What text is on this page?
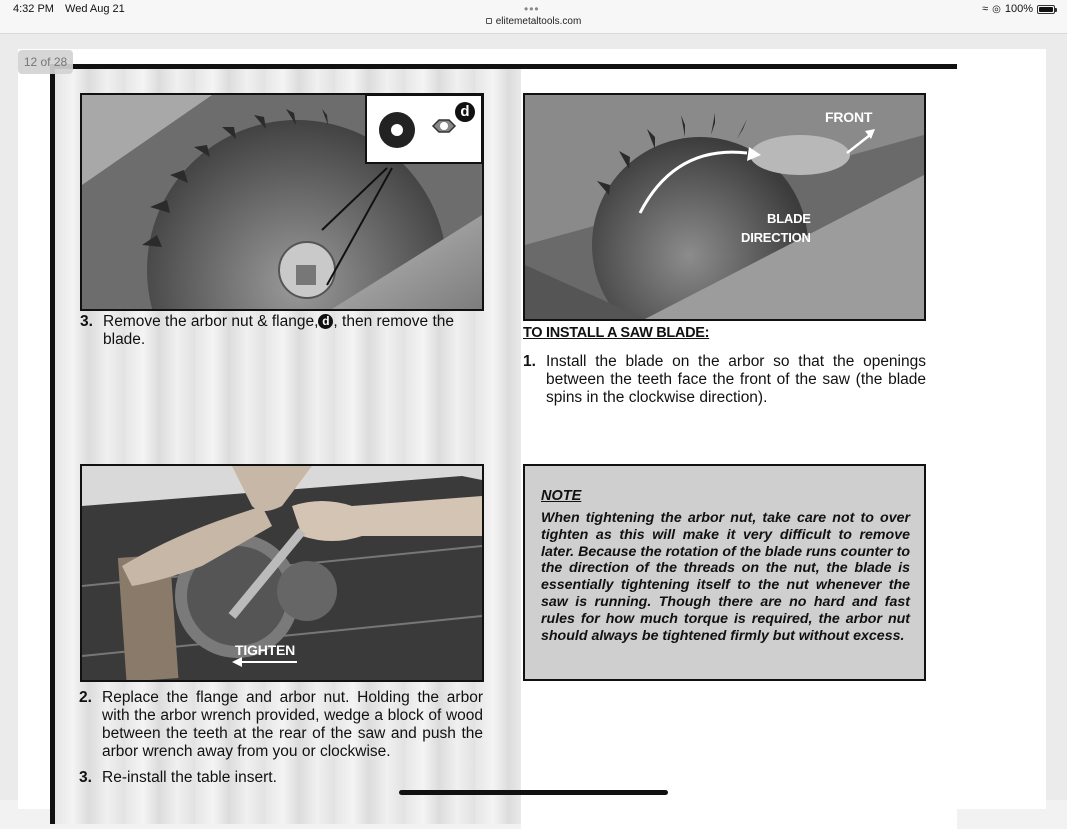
4:32 PM Wed Aug 21	•••
elitemetaltools.com
≈ ◎ 100%
12 of 28
d	FRONT
BLADE
DIRECTION
3. Remove the arbor nut & flange, d , then remove the blade.	TO INSTALL A SAW BLADE:
1. Install the blade on the arbor so that the openings between the teeth face the front of the saw (the blade spins in the clockwise direction).
TIGHTEN
NOTE
When tightening the arbor nut, take care not to over tighten as this will make it very difficult to remove later. Because the rotation of the blade runs counter to the direction of the threads on the nut, the blade is essentially tightening itself to the nut whenever the saw is running. Though there are no hard and fast rules for how much torque is required, the arbor nut should always be tightened firmly but without excess.
2. Replace the flange and arbor nut. Holding the arbor with the arbor wrench provided, wedge a block of wood between the teeth at the rear of the saw and push the arbor wrench away from you or clockwise.
3. Re-install the table insert.
